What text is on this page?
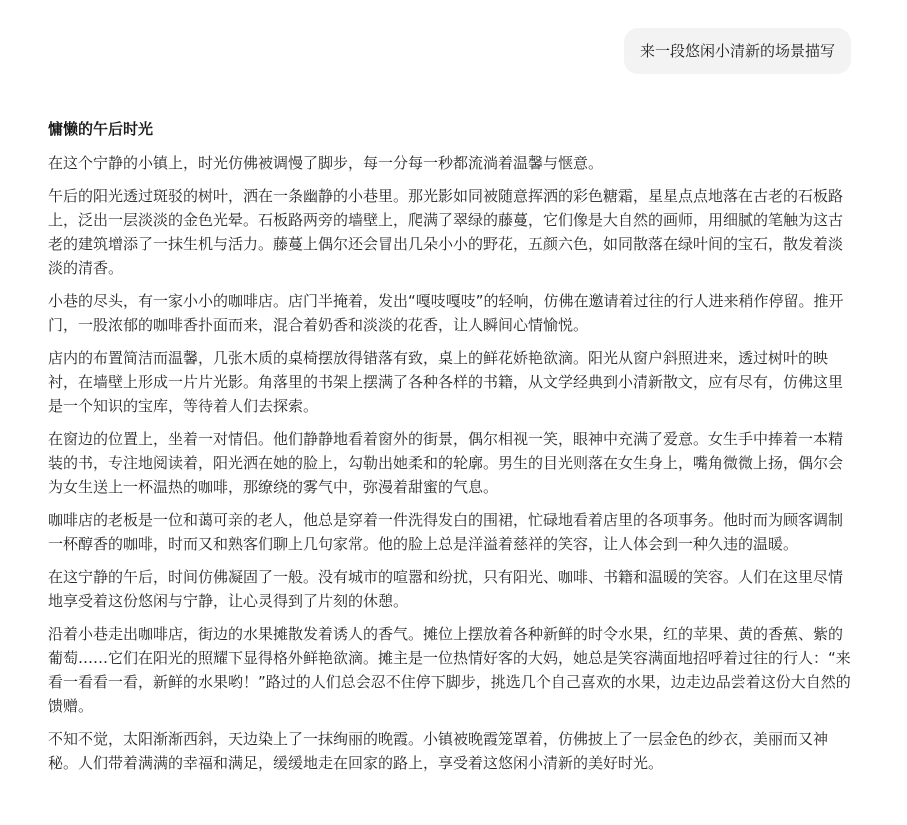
来一段悠闲小清新的场景描写
慵懒的午后时光

在这个宁静的小镇上，时光仿佛被调慢了脚步，每一分每一秒都流淌着温馨与惬意。

午后的阳光透过斑驳的树叶，洒在一条幽静的小巷里。那光影如同被随意挥洒的彩色糖霜，星星点点地落在古老的石板路上，泛出一层淡淡的金色光晕。石板路两旁的墙壁上，爬满了翠绿的藤蔓，它们像是大自然的画师，用细腻的笔触为这古老的建筑增添了一抹生机与活力。藤蔓上偶尔还会冒出几朵小小的野花，五颜六色，如同散落在绿叶间的宝石，散发着淡淡的清香。

小巷的尽头，有一家小小的咖啡店。店门半掩着，发出“嘎吱嘎吱”的轻响，仿佛在邀请着过往的行人进来稍作停留。推开门，一股浓郁的咖啡香扑面而来，混合着奶香和淡淡的花香，让人瞬间心情愉悦。

店内的布置简洁而温馨，几张木质的桌椅摆放得错落有致，桌上的鲜花娇艳欲滴。阳光从窗户斜照进来，透过树叶的映衬，在墙壁上形成一片片光影。角落里的书架上摆满了各种各样的书籍，从文学经典到小清新散文，应有尽有，仿佛这里是一个知识的宝库，等待着人们去探索。

在窗边的位置上，坐着一对情侣。他们静静地看着窗外的街景，偶尔相视一笑，眼神中充满了爱意。女生手中捧着一本精装的书，专注地阅读着，阳光洒在她的脸上，勾勒出她柔和的轮廓。男生的目光则落在女生身上，嘴角微微上扬，偶尔会为女生送上一杯温热的咖啡，那缭绕的雾气中，弥漫着甜蜜的气息。

咖啡店的老板是一位和蔼可亲的老人，他总是穿着一件洗得发白的围裙，忙碌地看着店里的各项事务。他时而为顾客调制一杯醇香的咖啡，时而又和熟客们聊上几句家常。他的脸上总是洋溢着慈祥的笑容，让人体会到一种久违的温暖。

在这宁静的午后，时间仿佛凝固了一般。没有城市的喧嚣和纷扰，只有阳光、咖啡、书籍和温暖的笑容。人们在这里尽情地享受着这份悠闲与宁静，让心灵得到了片刻的休憩。

沿着小巷走出咖啡店，街边的水果摊散发着诱人的香气。摊位上摆放着各种新鲜的时令水果，红的苹果、黄的香蕉、紫的葡萄……它们在阳光的照耀下显得格外鲜艳欲滴。摊主是一位热情好客的大妈，她总是笑容满面地招呼着过往的行人：“来看一看看一看，新鲜的水果哟！”路过的人们总会忍不住停下脚步，挑选几个自己喜欢的水果，边走边品尝着这份大自然的馈赠。

不知不觉，太阳渐渐西斜，天边染上了一抹绚丽的晚霞。小镇被晚霞笼罩着，仿佛披上了一层金色的纱衣，美丽而又神秘。人们带着满满的幸福和满足，缓缓地走在回家的路上，享受着这悠闲小清新的美好时光。
